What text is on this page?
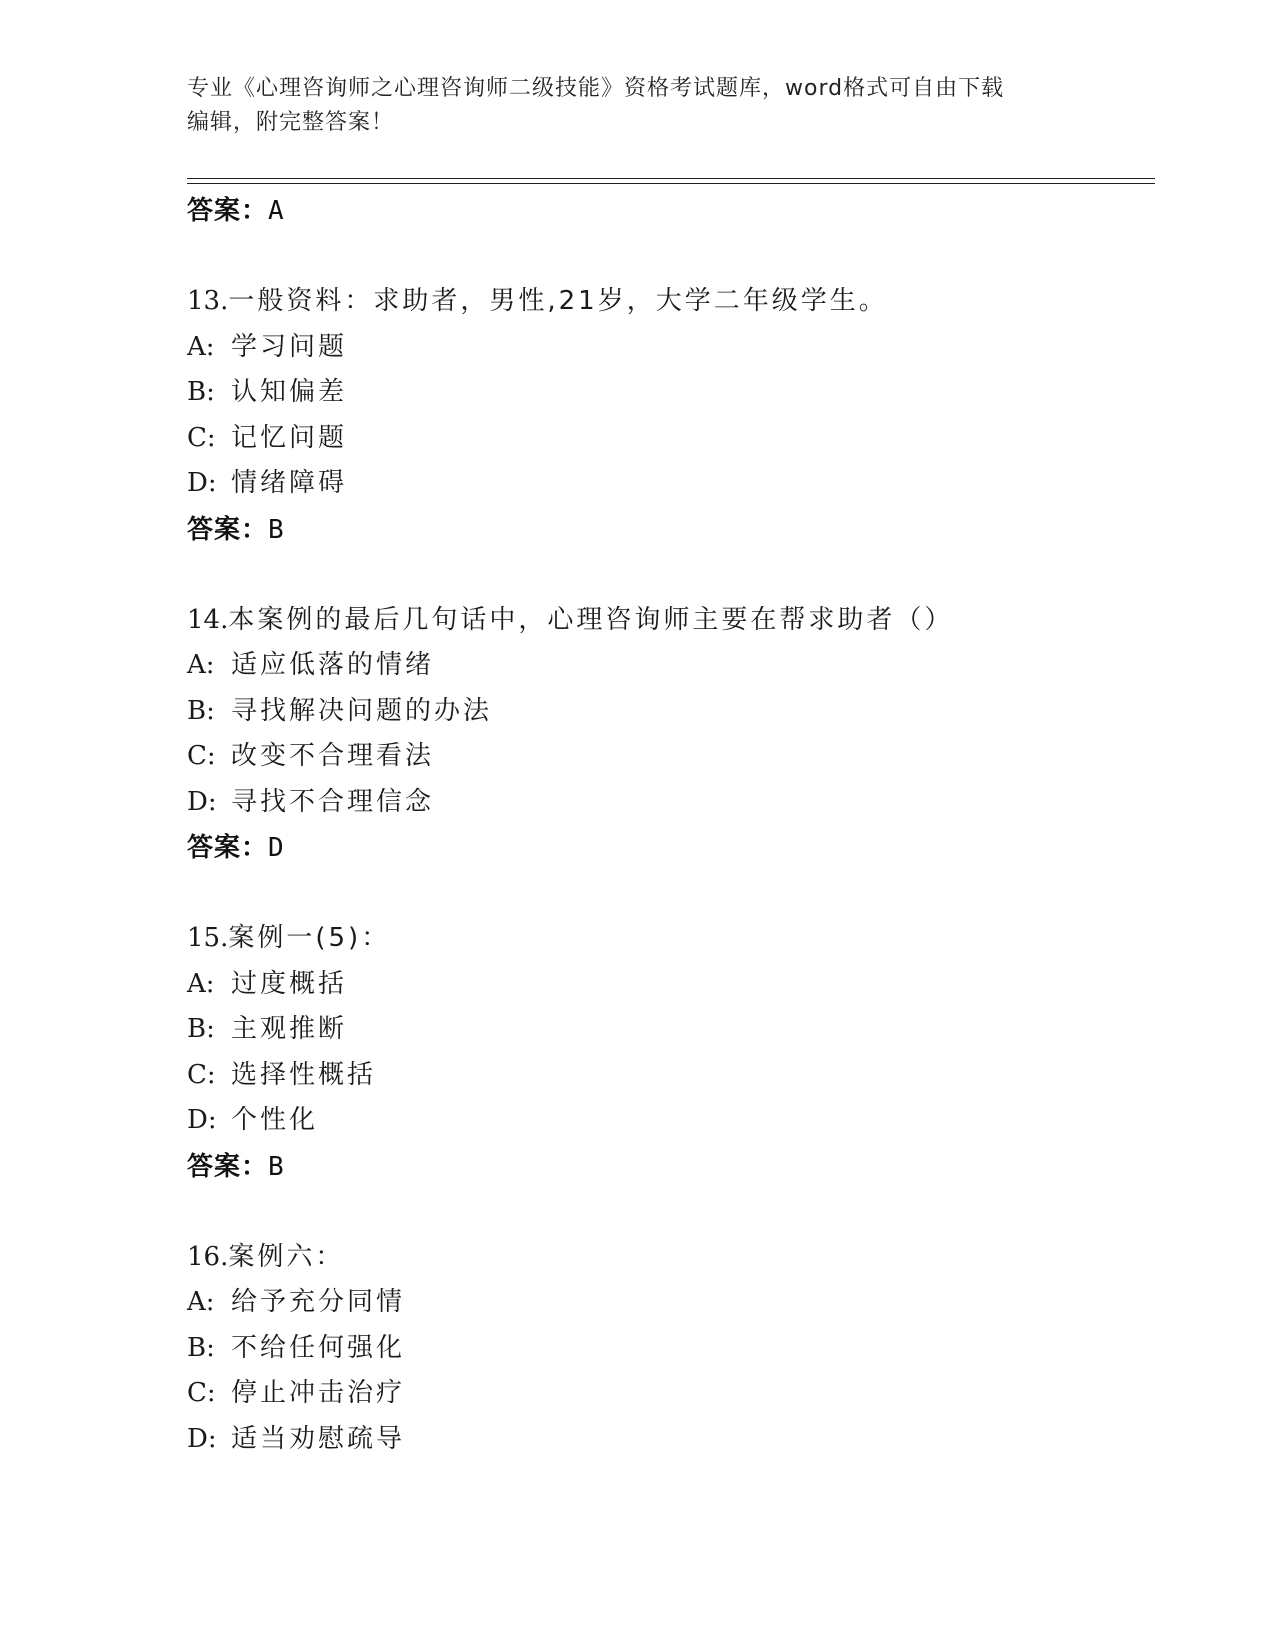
专业《心理咨询师之心理咨询师二级技能》资格考试题库，word格式可自由下载
编辑，附完整答案！
答案：A
13.一般资料：求助者，男性,21岁，大学二年级学生。
A: 学习问题
B: 认知偏差
C: 记忆问题
D: 情绪障碍
答案：B
14.本案例的最后几句话中，心理咨询师主要在帮求助者（）
A: 适应低落的情绪
B: 寻找解决问题的办法
C: 改变不合理看法
D: 寻找不合理信念
答案：D
15.案例一(5)：
A: 过度概括
B: 主观推断
C: 选择性概括
D: 个性化
答案：B
16.案例六：
A: 给予充分同情
B: 不给任何强化
C: 停止冲击治疗
D: 适当劝慰疏导
